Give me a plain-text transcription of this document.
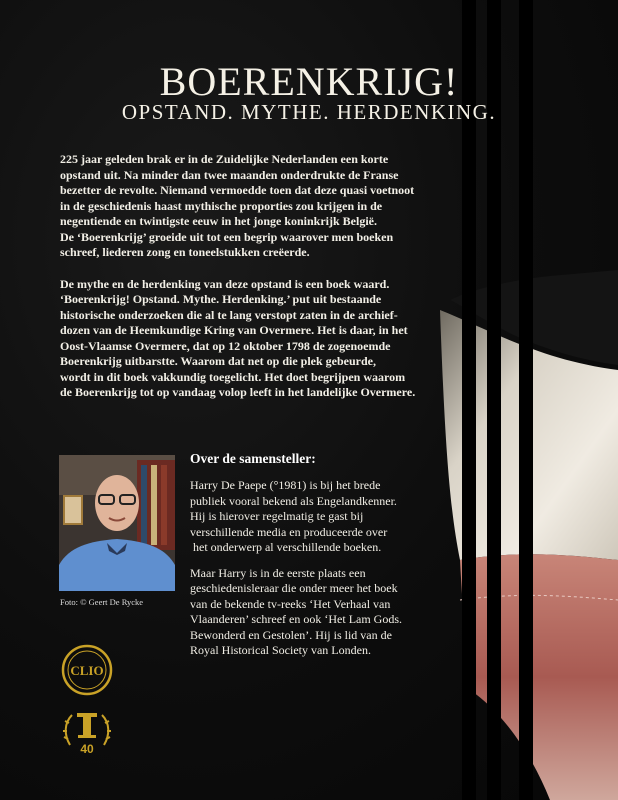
BOERENKRIJG!
OPSTAND. MYTHE. HERDENKING.

225 jaar geleden brak er in de Zuidelijke Nederlanden een korte
opstand uit. Na minder dan twee maanden onderdrukte de Franse
bezetter de revolte. Niemand vermoedde toen dat deze quasi voetnoot
in de geschiedenis haast mythische proporties zou krijgen in de
negentiende en twintigste eeuw in het jonge koninkrijk België.
De ‘Boerenkrijg’ groeide uit tot een begrip waarover men boeken
schreef, liederen zong en toneelstukken creëerde.

De mythe en de herdenking van deze opstand is een boek waard.
‘Boerenkrijg! Opstand. Mythe. Herdenking.’ put uit bestaande
historische onderzoeken die al te lang verstopt zaten in de archief-
dozen van de Heemkundige Kring van Overmere. Het is daar, in het
Oost-Vlaamse Overmere, dat op 12 oktober 1798 de zogenoemde
Boerenkrijg uitbarstte. Waarom dat net op die plek gebeurde,
wordt in dit boek vakkundig toegelicht. Het doet begrijpen waarom
de Boerenkrijg tot op vandaag volop leeft in het landelijke Overmere.

Foto: © Geert De Rycke
Over de samensteller:

Harry De Paepe (°1981) is bij het brede
publiek vooral bekend als Engelandkenner.
Hij is hierover regelmatig te gast bij
verschillende media en produceerde over
het onderwerp al verschillende boeken.

Maar Harry is in de eerste plaats een
geschiedenisleraar die onder meer het boek
van de bekende tv-reeks ‘Het Verhaal van
Vlaanderen’ schreef en ook ‘Het Lam Gods.
Bewonderd en Gestolen’. Hij is lid van de
Royal Historical Society van Londen.

CLIO
40
